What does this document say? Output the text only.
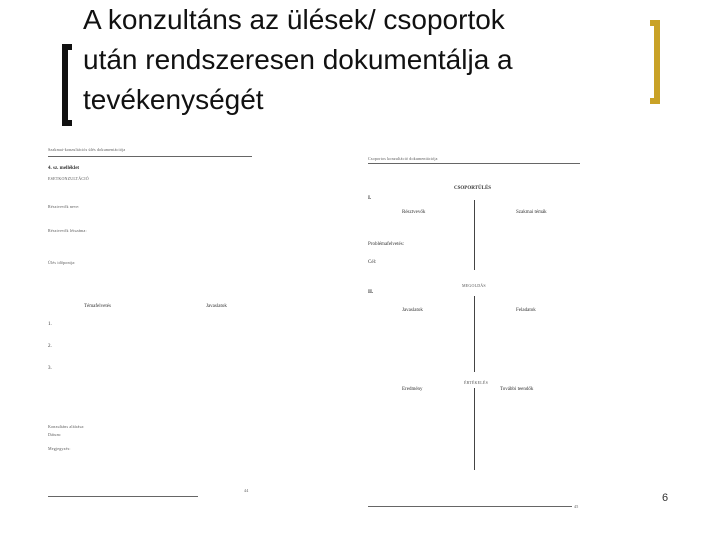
A konzultáns az ülések/ csoportok
után rendszeresen dokumentálja a
tevékenységét
Szakmai-konzultációs ülés dokumentációja
4. sz. melléklet
ESETKONZULTÁCIÓ
Résztvevők neve:
Résztvevők létszáma:
Ülés időpontja:
Témafelvetés	Javaslatok
1.
2.
3.
Konzultáns aláírása:
Dátum:
Megjegyzés:
44
Csoportos konzultáció dokumentációja
CSOPORTÜLÉS
I.
Résztvevők	Szakmai témák
Problémafelvetés:
Cél:
MEGOLDÁS
II.
Javaslatok	Feladatok
ÉRTÉKELÉS
Eredmény	További teendők
45
6
